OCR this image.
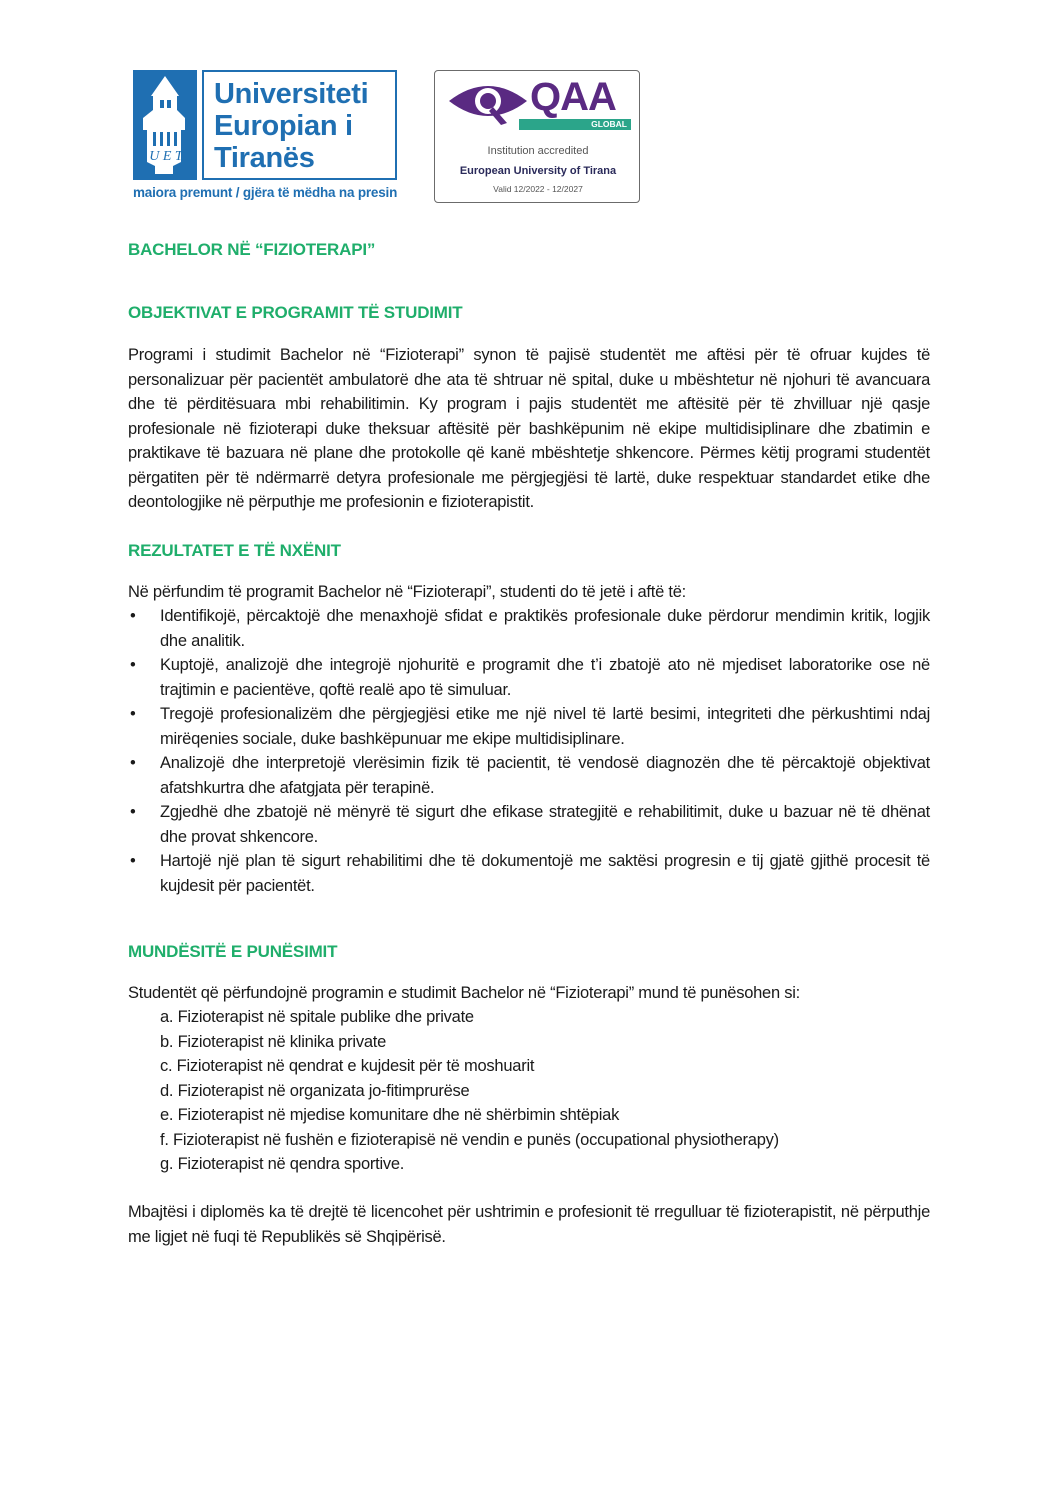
U E T
Universiteti
Europian i
Tiranës
maiora premunt / gjëra të mëdha na presin
QAA
GLOBAL
Institution accredited
European University of Tirana
Valid 12/2022 - 12/2027
BACHELOR NË “FIZIOTERAPI”
OBJEKTIVAT E PROGRAMIT TË STUDIMIT
Programi i studimit Bachelor në “Fizioterapi” synon të pajisë studentët me aftësi për të ofruar kujdes të personalizuar për pacientët ambulatorë dhe ata të shtruar në spital, duke u mbështetur në njohuri të avancuara dhe të përditësuara mbi rehabilitimin. Ky program i pajis studentët me aftësitë për të zhvilluar një qasje profesionale në fizioterapi duke theksuar aftësitë për bashkëpunim në ekipe multidisiplinare dhe zbatimin e praktikave të bazuara në plane dhe protokolle që kanë mbështetje shkencore. Përmes këtij programi studentët përgatiten për të ndërmarrë detyra profesionale me përgjegjësi të lartë, duke respektuar standardet etike dhe deontologjike në përputhje me profesionin e fizioterapistit.
REZULTATET E TË NXËNIT
Në përfundim të programit Bachelor në “Fizioterapi”, studenti do të jetë i aftë të:
• Identifikojë, përcaktojë dhe menaxhojë sfidat e praktikës profesionale duke përdorur mendimin kritik, logjik dhe analitik.
• Kuptojë, analizojë dhe integrojë njohuritë e programit dhe t’i zbatojë ato në mjediset laboratorike ose në trajtimin e pacientëve, qoftë realë apo të simuluar.
• Tregojë profesionalizëm dhe përgjegjësi etike me një nivel të lartë besimi, integriteti dhe përkushtimi ndaj mirëqenies sociale, duke bashkëpunuar me ekipe multidisiplinare.
• Analizojë dhe interpretojë vlerësimin fizik të pacientit, të vendosë diagnozën dhe të përcaktojë objektivat afatshkurtra dhe afatgjata për terapinë.
• Zgjedhë dhe zbatojë në mënyrë të sigurt dhe efikase strategjitë e rehabilitimit, duke u bazuar në të dhënat dhe provat shkencore.
• Hartojë një plan të sigurt rehabilitimi dhe të dokumentojë me saktësi progresin e tij gjatë gjithë procesit të kujdesit për pacientët.
MUNDËSITË E PUNËSIMIT
Studentët që përfundojnë programin e studimit Bachelor në “Fizioterapi” mund të punësohen si:
a. Fizioterapist në spitale publike dhe private
b. Fizioterapist në klinika private
c. Fizioterapist në qendrat e kujdesit për të moshuarit
d. Fizioterapist në organizata jo-fitimprurëse
e. Fizioterapist në mjedise komunitare dhe në shërbimin shtëpiak
f. Fizioterapist në fushën e fizioterapisë në vendin e punës (occupational physiotherapy)
g. Fizioterapist në qendra sportive.
Mbajtësi i diplomës ka të drejtë të licencohet për ushtrimin e profesionit të rregulluar të fizioterapistit, në përputhje me ligjet në fuqi të Republikës së Shqipërisë.
